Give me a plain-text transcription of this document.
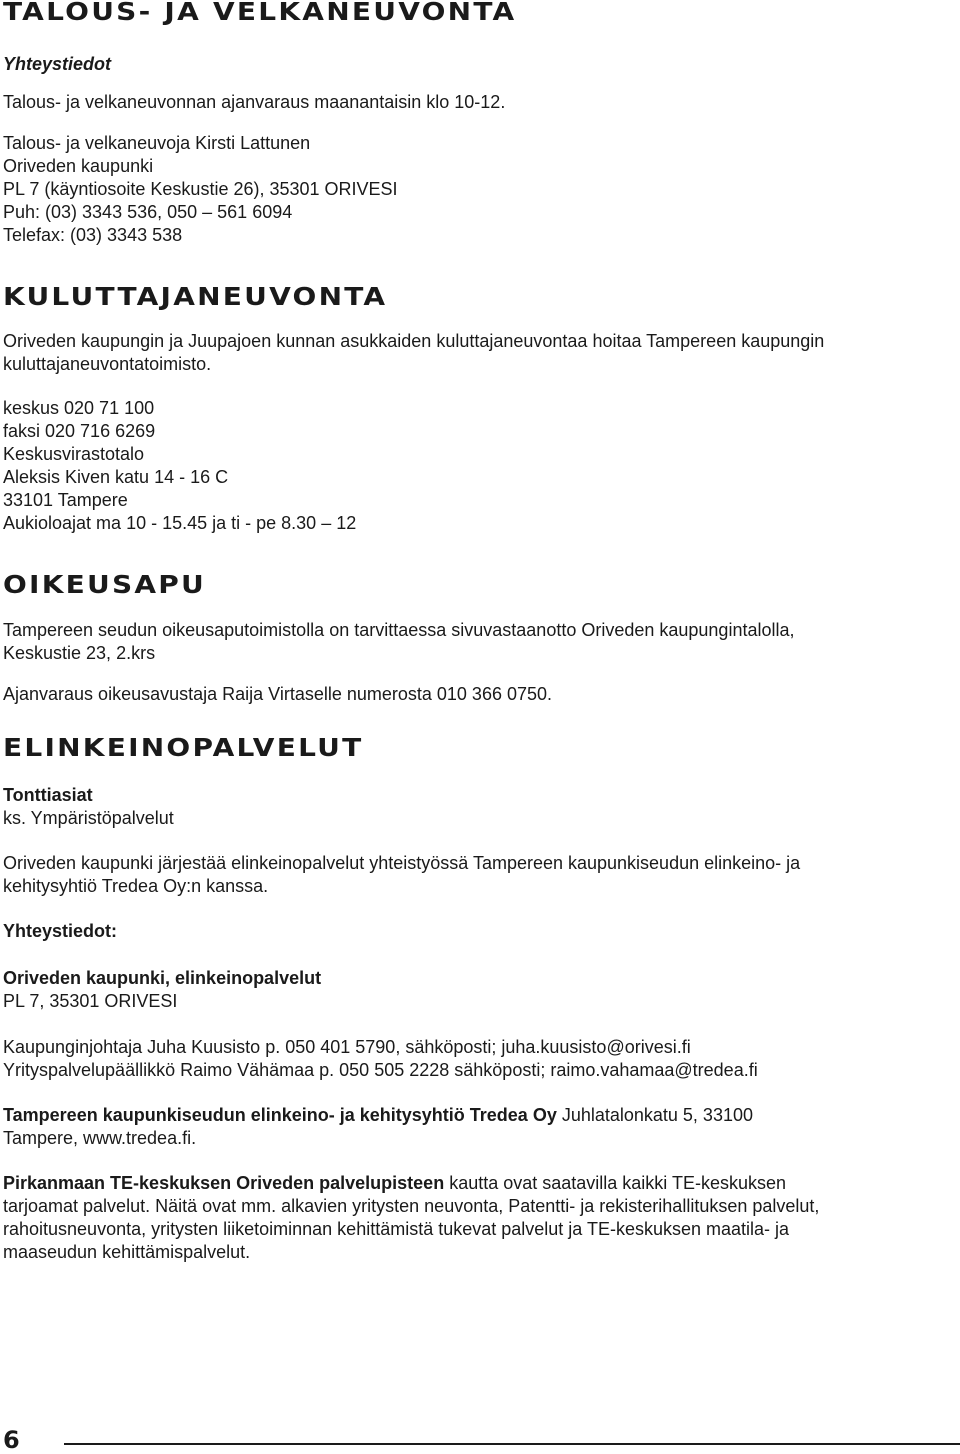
TALOUS- JA VELKANEUVONTA
Yhteystiedot
Talous- ja velkaneuvonnan ajanvaraus maanantaisin klo 10-12.
Talous- ja velkaneuvoja Kirsti Lattunen
Oriveden kaupunki
PL 7 (käyntiosoite Keskustie 26), 35301 ORIVESI
Puh: (03) 3343 536, 050 – 561 6094
Telefax: (03) 3343 538
KULUTTAJANEUVONTA
Oriveden kaupungin ja Juupajoen kunnan asukkaiden kuluttajaneuvontaa hoitaa Tampereen kaupungin
kuluttajaneuvontatoimisto.
keskus 020 71 100
faksi 020 716 6269
Keskusvirastotalo
Aleksis Kiven katu 14 - 16 C
33101 Tampere
Aukioloajat ma 10 - 15.45 ja ti - pe 8.30 – 12
OIKEUSAPU
Tampereen seudun oikeusaputoimistolla on tarvittaessa sivuvastaanotto Oriveden kaupungintalolla,
Keskustie 23, 2.krs
Ajanvaraus oikeusavustaja Raija Virtaselle numerosta 010 366 0750.
ELINKEINOPALVELUT
Tonttiasiat
ks. Ympäristöpalvelut
Oriveden kaupunki järjestää elinkeinopalvelut yhteistyössä Tampereen kaupunkiseudun elinkeino- ja
kehitysyhtiö Tredea Oy:n kanssa.
Yhteystiedot:
Oriveden kaupunki, elinkeinopalvelut
PL 7, 35301 ORIVESI
Kaupunginjohtaja Juha Kuusisto p. 050 401 5790, sähköposti; juha.kuusisto@orivesi.fi
Yrityspalvelupäällikkö Raimo Vähämaa p. 050 505 2228 sähköposti; raimo.vahamaa@tredea.fi
Tampereen kaupunkiseudun elinkeino- ja kehitysyhtiö Tredea Oy Juhlatalonkatu 5, 33100
Tampere, www.tredea.fi.
Pirkanmaan TE-keskuksen Oriveden palvelupisteen kautta ovat saatavilla kaikki TE-keskuksen
tarjoamat palvelut. Näitä ovat mm. alkavien yritysten neuvonta, Patentti- ja rekisterihallituksen palvelut,
rahoitusneuvonta, yritysten liiketoiminnan kehittämistä tukevat palvelut ja TE-keskuksen maatila- ja
maaseudun kehittämispalvelut.
6
